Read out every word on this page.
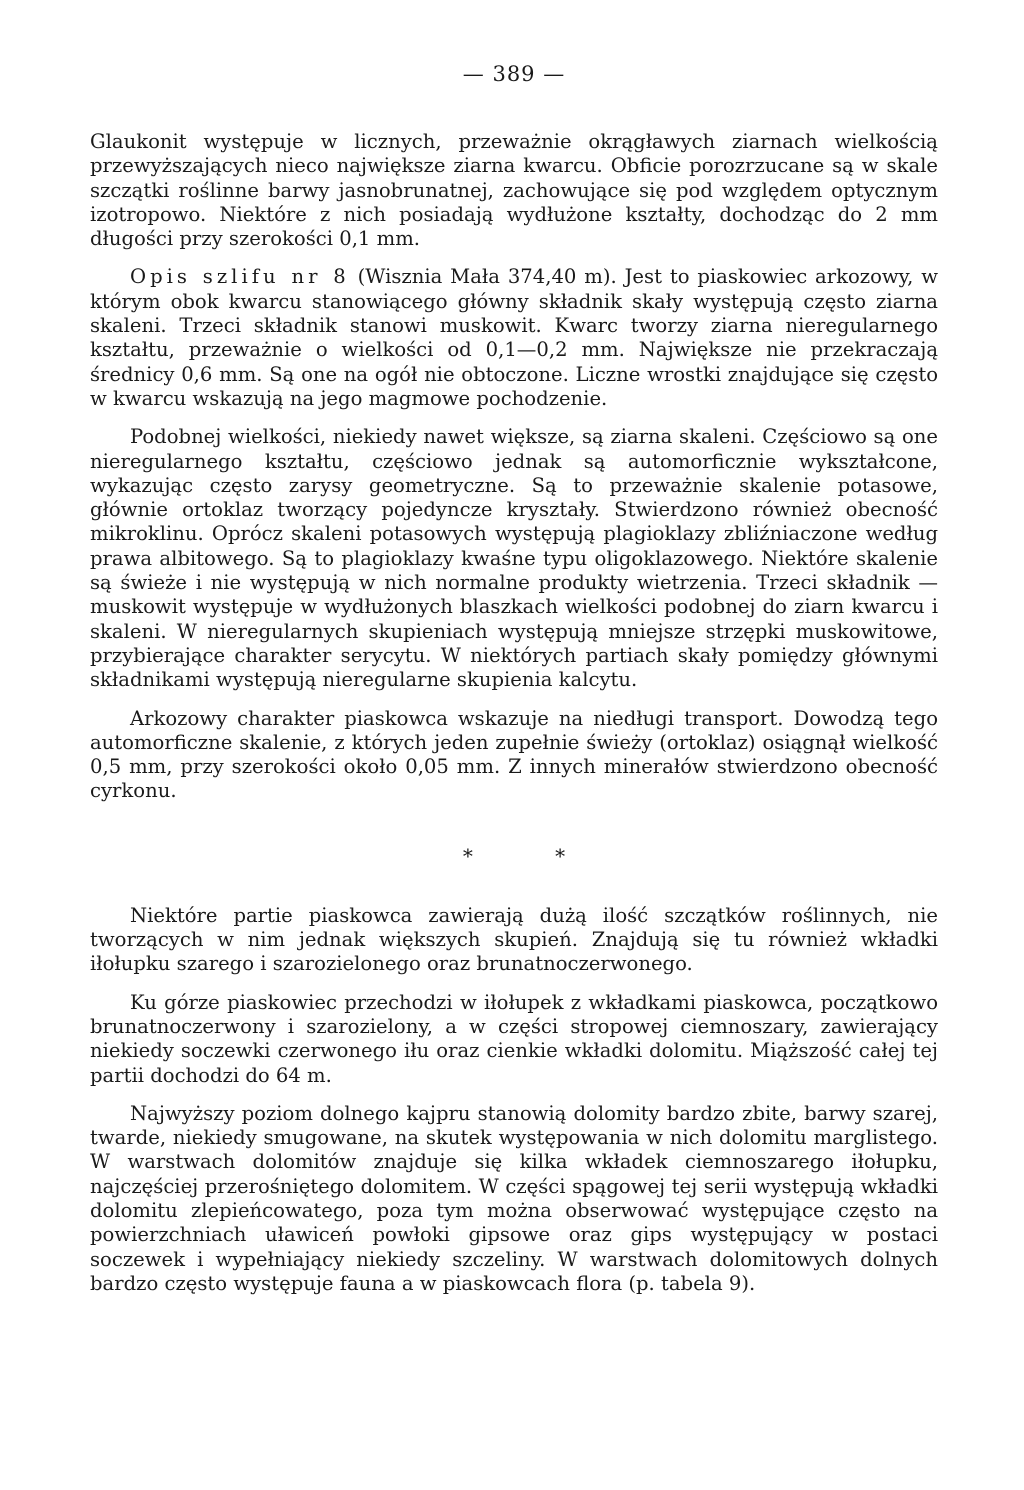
— 389 —

Glaukonit występuje w licznych, przeważnie okrągławych ziarnach wielkością przewyższających nieco największe ziarna kwarcu. Obficie porozrzucane są w skale szczątki roślinne barwy jasnobrunatnej, zachowujące się pod względem optycznym izotropowo. Niektóre z nich posiadają wydłużone kształty, dochodząc do 2 mm długości przy szerokości 0,1 mm.

Opis szlifu nr 8 (Wisznia Mała 374,40 m). Jest to piaskowiec arkozowy, w którym obok kwarcu stanowiącego główny składnik skały występują często ziarna skaleni. Trzeci składnik stanowi muskowit. Kwarc tworzy ziarna nieregularnego kształtu, przeważnie o wielkości od 0,1—0,2 mm. Największe nie przekraczają średnicy 0,6 mm. Są one na ogół nie obtoczone. Liczne wrostki znajdujące się często w kwarcu wskazują na jego magmowe pochodzenie.

Podobnej wielkości, niekiedy nawet większe, są ziarna skaleni. Częściowo są one nieregularnego kształtu, częściowo jednak są automorficznie wykształcone, wykazując często zarysy geometryczne. Są to przeważnie skalenie potasowe, głównie ortoklaz tworzący pojedyncze kryształy. Stwierdzono również obecność mikroklinu. Oprócz skaleni potasowych występują plagioklazy zbliźniaczone według prawa albitowego. Są to plagioklazy kwaśne typu oligoklazowego. Niektóre skalenie są świeże i nie występują w nich normalne produkty wietrzenia. Trzeci składnik — muskowit występuje w wydłużonych blaszkach wielkości podobnej do ziarn kwarcu i skaleni. W nieregularnych skupieniach występują mniejsze strzępki muskowitowe, przybierające charakter serycytu. W niektórych partiach skały pomiędzy głównymi składnikami występują nieregularne skupienia kalcytu.

Arkozowy charakter piaskowca wskazuje na niedługi transport. Dowodzą tego automorficzne skalenie, z których jeden zupełnie świeży (ortoklaz) osiągnął wielkość 0,5 mm, przy szerokości około 0,05 mm. Z innych minerałów stwierdzono obecność cyrkonu.

* *

Niektóre partie piaskowca zawierają dużą ilość szczątków roślinnych, nie tworzących w nim jednak większych skupień. Znajdują się tu również wkładki iłołupku szarego i szarozielonego oraz brunatnoczerwonego.

Ku górze piaskowiec przechodzi w iłołupek z wkładkami piaskowca, początkowo brunatnoczerwony i szarozielony, a w części stropowej ciemnoszary, zawierający niekiedy soczewki czerwonego iłu oraz cienkie wkładki dolomitu. Miąższość całej tej partii dochodzi do 64 m.

Najwyższy poziom dolnego kajpru stanowią dolomity bardzo zbite, barwy szarej, twarde, niekiedy smugowane, na skutek występowania w nich dolomitu marglistego. W warstwach dolomitów znajduje się kilka wkładek ciemnoszarego iłołupku, najczęściej przerośniętego dolomitem. W części spągowej tej serii występują wkładki dolomitu zlepieńcowatego, poza tym można obserwować występujące często na powierzchniach uławiceń powłoki gipsowe oraz gips występujący w postaci soczewek i wypełniający niekiedy szczeliny. W warstwach dolomitowych dolnych bardzo często występuje fauna a w piaskowcach flora (p. tabela 9).
